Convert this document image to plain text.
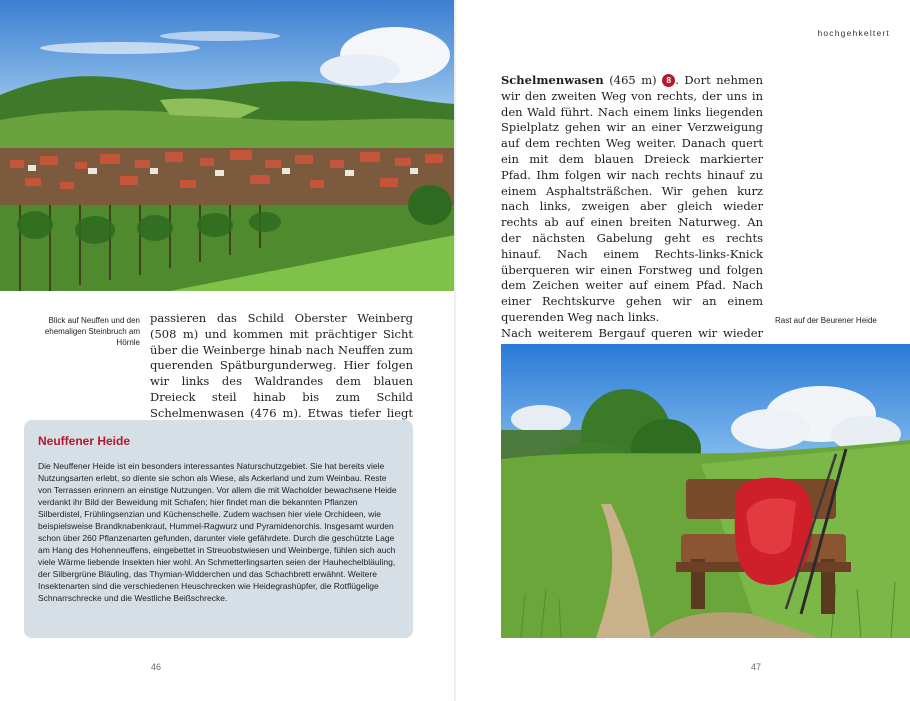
Blick auf Neuffen und den ehemaligen Steinbruch am Hörnle
passieren das Schild Oberster Weinberg (508 m) und kommen mit prächtiger Sicht über die Weinberge hinab nach Neuffen zum querenden Spätburgunderweg. Hier folgen wir links des Waldrandes dem blauen Dreieck steil hinab bis zum Schild Schelmenwasen (476 m). Etwas tiefer liegt
Neuffener Heide

Die Neuffener Heide ist ein besonders interessantes Naturschutzgebiet. Sie hat bereits viele Nutzungsarten erlebt, so diente sie schon als Wiese, als Ackerland und zum Weinbau. Reste von Terrassen erinnern an einstige Nutzungen. Vor allem die mit Wacholder bewachsene Heide verdankt ihr Bild der Beweidung mit Schafen; hier findet man die bekannten Pflanzen Silberdistel, Frühlingsenzian und Küchenschelle. Zudem wachsen hier viele Orchideen, wie beispielsweise Brandknabenkraut, Hummel-Ragwurz und Pyramidenorchis. Insgesamt wurden schon über 260 Pflanzenarten gefunden, darunter viele gefährdete. Durch die geschützte Lage am Hang des Hohenneuffens, eingebettet in Streuobstwiesen und Weinberge, fühlen sich auch viele Wärme liebende Insekten hier wohl. An Schmetterlingsarten seien der Hauhechelbläuling, der Silbergrüne Bläuling, das Thymian-Widderchen und das Schachbrett erwähnt. Weitere Insektenarten sind die verschiedenen Heuschrecken wie Heidegrashüpfer, die Rotflügelige Schnarrschrecke und die Westliche Beißschrecke.

46
hochgehkeltert
Schelmenwasen (465 m) 8 . Dort nehmen wir den zweiten Weg von rechts, der uns in den Wald führt. Nach einem links liegenden Spielplatz gehen wir an einer Verzweigung auf dem rechten Weg weiter. Danach quert ein mit dem blauen Dreieck markierter Pfad. Ihm folgen wir nach rechts hinauf zu einem Asphaltsträßchen. Wir gehen kurz nach links, zweigen aber gleich wieder rechts ab auf einen breiten Naturweg. An der nächsten Gabelung geht es rechts hinauf. Nach einem Rechts-links-Knick überqueren wir einen Forstweg und folgen dem Zeichen weiter auf einem Pfad. Nach einer Rechtskurve gehen wir an einem querenden Weg nach links.
Nach weiterem Bergauf queren wir wieder
Rast auf der Beurener Heide
47
